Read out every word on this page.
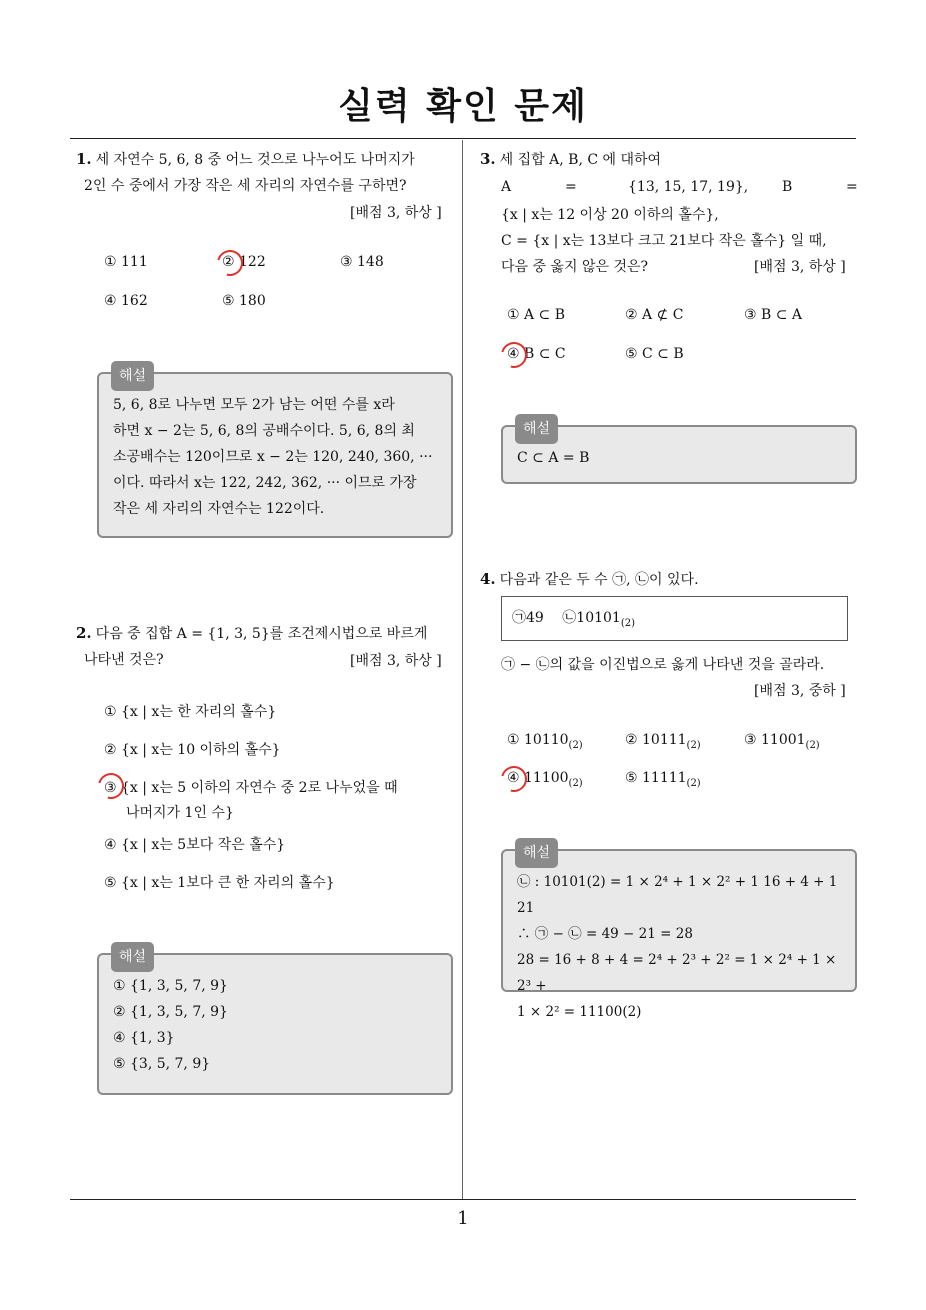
실력 확인 문제
1
1. 세 자연수 5, 6, 8 중 어느 것으로 나누어도 나머지가
2인 수 중에서 가장 작은 세 자리의 자연수를 구하면?
[배점 3, 하상 ]
① 111	② 122	③ 148
④ 162	⑤ 180
해설
5, 6, 8로 나누면 모두 2가 남는 어떤 수를 x라
하면 x − 2는 5, 6, 8의 공배수이다. 5, 6, 8의 최
소공배수는 120이므로 x − 2는 120, 240, 360, ···
이다. 따라서 x는 122, 242, 362, ··· 이므로 가장
작은 세 자리의 자연수는 122이다.
2. 다음 중 집합 A = {1, 3, 5}를 조건제시법으로 바르게
나타낸 것은?	[배점 3, 하상 ]
① {x | x는 한 자리의 홀수}
② {x | x는 10 이하의 홀수}
③ {x | x는 5 이하의 자연수 중 2로 나누었을 때
나머지가 1인 수}
④ {x | x는 5보다 작은 홀수}
⑤ {x | x는 1보다 큰 한 자리의 홀수}
해설
① {1, 3, 5, 7, 9}
② {1, 3, 5, 7, 9}
④ {1, 3}
⑤ {3, 5, 7, 9}
3. 세 집합 A, B, C 에 대하여
A	=	{13, 15, 17, 19}, B	=
{x | x는 12 이상 20 이하의 홀수},
C = {x | x는 13보다 크고 21보다 작은 홀수} 일 때,
다음 중 옳지 않은 것은?	[배점 3, 하상 ]
① A ⊂ B	② A ⊄ C	③ B ⊂ A
④ B ⊂ C	⑤ C ⊂ B
해설
C ⊂ A = B
4. 다음과 같은 두 수 ㉠, ㉡이 있다.
㉠49 $㉡10101_{(2)}$
㉠ − ㉡의 값을 이진법으로 옳게 나타낸 것을 골라라.
[배점 3, 중하 ]
① $10110_{(2)}$	② $10111_{(2)}$	③ $11001_{(2)}$
④ $11100_{(2)}$	⑤ $11111_{(2)}$
해설
㉡ : 10101(2) = 1 × 2⁴ + 1 × 2² + 1 16 + 4 + 1 21
∴ ㉠ − ㉡ = 49 − 21 = 28
28 = 16 + 8 + 4 = 2⁴ + 2³ + 2² = 1 × 2⁴ + 1 × 2³ +
1 × 2² = 11100(2)
